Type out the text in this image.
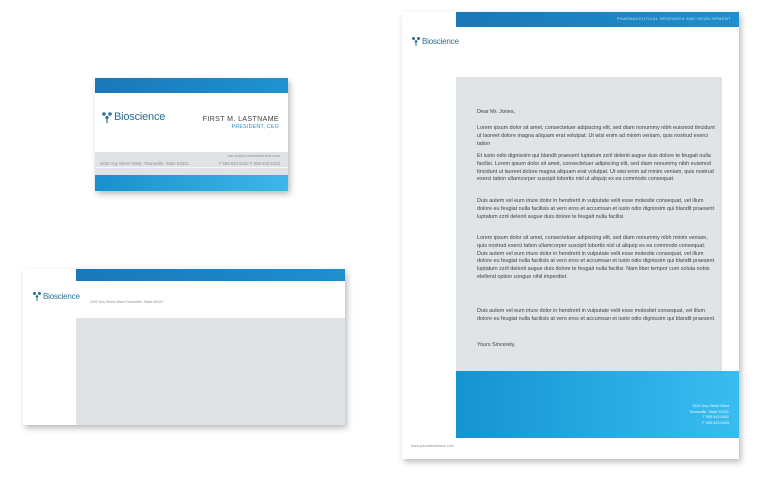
Bioscience	FIRST M. LASTNAME
PRESIDENT, CEO
name@yourwebsitehere.com
3432 Any Street West, Townsville, State 54321	T 555.543.5432 F 555.543.5433
Bioscience
3432 Any Street West Townsville, State 54321
PHARMACEUTICAL RESEARCH AND DEVELOPMENT
Bioscience
Dear Mr. Jones,
Lorem ipsum dolor sit amet, consectetuer adipiscing elit, sed diam nonummy nibh euismod tincidunt ut laoreet dolore magna aliquam erat volutpat. Ut wisi enim ad minim veniam, quis nostrud exerci tation
Et iusto odio dignissim qui blandit praesent luptatum zzril delenit augue duis dolore te feugait nulla facilisi. Lorem ipsum dolor sit amet, consectetuer adipiscing elit, sed diam nonummy nibh euismod tincidunt ut laoreet dolore magna aliquam erat volutpat. Ut wisi enim ad minim veniam, quis nostrud exerci tation ullamcorper suscipit lobortis nisl ut aliquip ex ea commodo consequat.
Duis autem vel eum iriure dolor in hendrerit in vulputate velit esse molestie consequat, vel illum dolore eu feugiat nulla facilisis at vero eros et accumsan et iusto odio dignissim qui blandit praesent luptatum zzril delenit augue duis dolore te feugait nulla facilisi.
Lorem ipsum dolor sit amet, consectetuer adipiscing elit, sed diam nonummy nibh minim veniam, quis nostrud exerci tation ullamcorper suscipit lobortis nisl ut aliquip ex ea commodo consequat. Duis autem vel eum iriure dolor in hendrerit in vulputate velit esse molestie consequat, vel illum dolore eu feugiat nulla facilisis at vero eros et accumsan et iusto odio dignissim qui blandit praesent luptatum zzril delenit augue duis dolore te feugait nulla facilisi. Nam liber tempor cum soluta nobis eleifend option congue nihil imperdiet.
Duis autem vel eum iriure dolor in hendrerit in vulputate velit esse molestiet consequat, vel illum dolore eu feugiat nulla facilisis at vero eros et accumsan et iusto odio dignissim qui blandit praesent.
Yours Sincerely,
3432 Any Street West
Townsville, State 54321
T 555.543.5432
F 555.543.5433
www.yourwebsitehere.com
